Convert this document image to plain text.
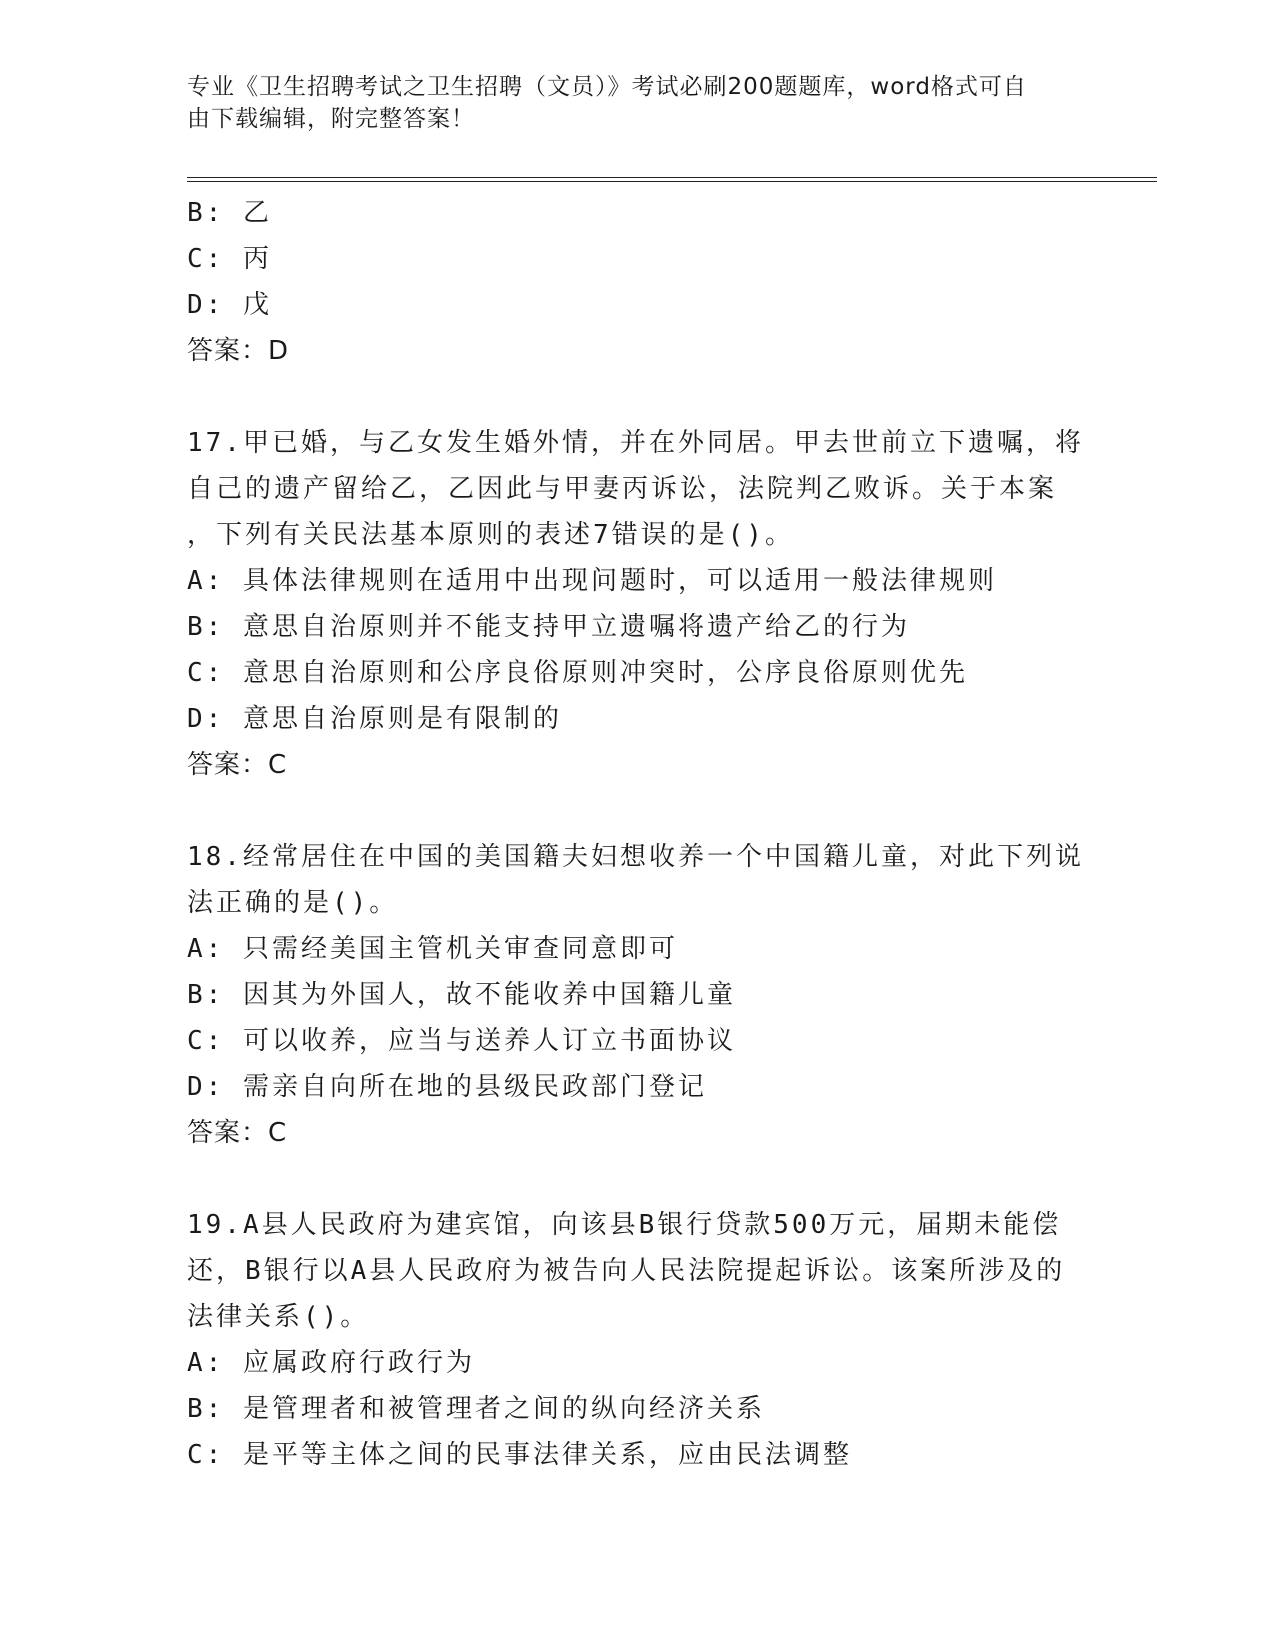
专业《卫生招聘考试之卫生招聘（文员）》考试必刷200题题库，word格式可自
由下载编辑，附完整答案！
B: 乙
C: 丙
D: 戊
答案：D
17.甲已婚，与乙女发生婚外情，并在外同居。甲去世前立下遗嘱，将
自己的遗产留给乙，乙因此与甲妻丙诉讼，法院判乙败诉。关于本案
，下列有关民法基本原则的表述7错误的是()。
A: 具体法律规则在适用中出现问题时，可以适用一般法律规则
B: 意思自治原则并不能支持甲立遗嘱将遗产给乙的行为
C: 意思自治原则和公序良俗原则冲突时，公序良俗原则优先
D: 意思自治原则是有限制的
答案：C
18.经常居住在中国的美国籍夫妇想收养一个中国籍儿童，对此下列说
法正确的是()。
A: 只需经美国主管机关审查同意即可
B: 因其为外国人，故不能收养中国籍儿童
C: 可以收养，应当与送养人订立书面协议
D: 需亲自向所在地的县级民政部门登记
答案：C
19.A县人民政府为建宾馆，向该县B银行贷款500万元，届期未能偿
还，B银行以A县人民政府为被告向人民法院提起诉讼。该案所涉及的
法律关系()。
A: 应属政府行政行为
B: 是管理者和被管理者之间的纵向经济关系
C: 是平等主体之间的民事法律关系，应由民法调整
